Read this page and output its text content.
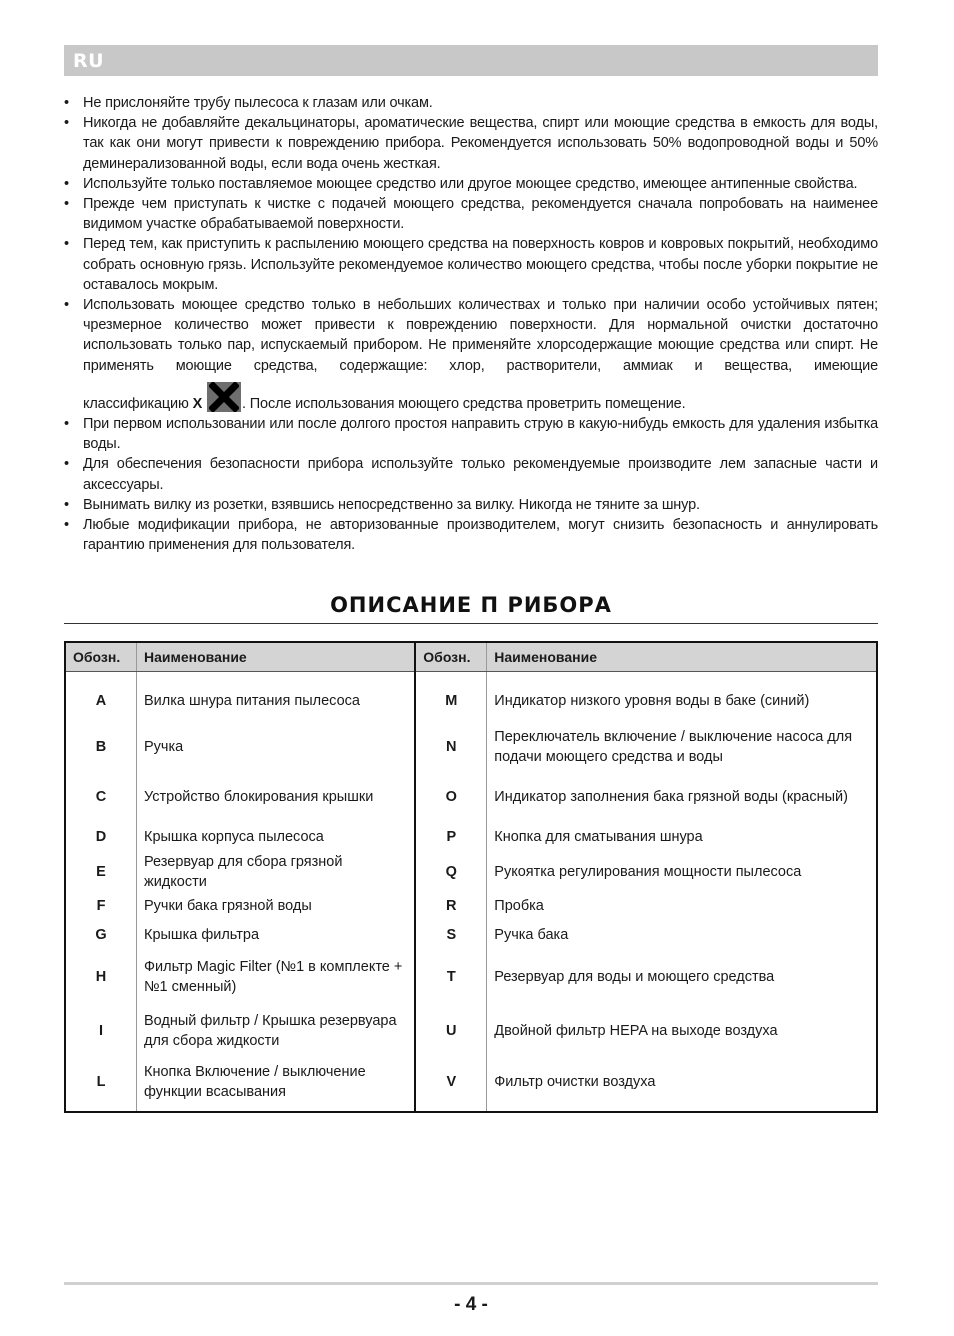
RU
• Не прислоняйте трубу пылесоса к глазам или очкам.
• Никогда не добавляйте декальцинаторы, ароматические вещества, спирт или моющие средства в емкость для воды, так как они могут привести к повреждению прибора. Рекомендуется использовать 50% водопроводной воды и 50% деминерализованной воды, если вода очень жесткая.
• Используйте только поставляемое моющее средство или другое моющее средство, имеющее антипенные свойства.
• Прежде чем приступать к чистке с подачей моющего средства, рекомендуется сначала попробовать на наименее видимом участке обрабатываемой поверхности.
• Перед тем, как приступить к распылению моющего средства на поверхность ковров и ковровых покрытий, необходимо собрать основную грязь. Используйте рекомендуемое количество моющего средства, чтобы после уборки покрытие не оставалось мокрым.
• Использовать моющее средство только в небольших количествах и только при наличии особо устойчивых пятен; чрезмерное количество может привести к повреждению поверхности. Для нормальной очистки достаточно использовать только пар, испускаемый прибором. Не применяйте хлорсодержащие моющие средства или спирт. Не применять моющие средства, содержащие: хлор, растворители, аммиак и вещества, имеющие классификацию X	. После использования моющего средства проветрить помещение.
• При первом использовании или после долгого простоя направить струю в какую-нибудь емкость для удаления избытка воды.
• Для обеспечения безопасности прибора используйте только рекомендуемые производите лем запасные части и аксессуары.
• Вынимать вилку из розетки, взявшись непосредственно за вилку. Никогда не тяните за шнур.
• Любые модификации прибора, не авторизованные производителем, могут снизить безопасность и аннулировать гарантию применения для пользователя.
ОПИСАНИЕ П РИБОРА
Обозн.	Наименование	Обозн.	Наименование
A	Вилка шнура питания пылесоса	M	Индикатор низкого уровня воды в баке (синий)
B	Ручка	N	Переключатель включение / выключение насоса для подачи моющего средства и воды
C	Устройство блокирования крышки	O	Индикатор заполнения бака грязной воды (красный)
D	Крышка корпуса пылесоса	P	Кнопка для сматывания шнура
E	Резервуар для сбора грязной жидкости	Q	Рукоятка регулирования мощности пылесоса
F	Ручки бака грязной воды	R	Пробка
G	Крышка фильтра	S	Ручка бака
H	Фильтр Magic Filter (№1 в комплекте + №1 сменный)	T	Резервуар для воды и моющего средства
I	Водный фильтр / Крышка резервуара для сбора жидкости	U	Двойной фильтр HEPA на выходе воздуха
L	Кнопка Включение / выключение функции всасывания	V	Фильтр очистки воздуха
- 4 -
